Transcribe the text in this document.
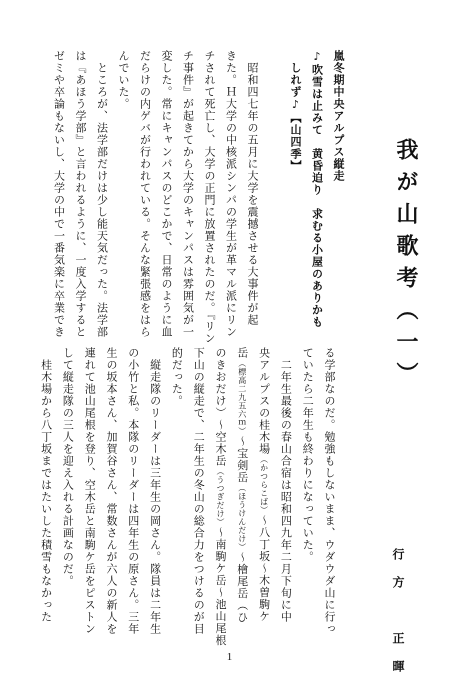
我が山歌考（一）
行方　正暉
る学部なのだ。勉強もしないまま、ウダウダ山に行っ
ていたら二年生も終わりになっていた。
　二年生最後の春山合宿は昭和四九年二月下旬に中
央アルプスの桂木場（かつらこば）～八丁坂～木曽駒ケ
岳（標高二九五六ｍ）～宝剣岳（ほうけんだけ）～檜尾岳（ひ
のきおだけ）～空木岳（うつぎだけ）～南駒ケ岳～池山尾根
下山の縦走で、二年生の冬山の総合力をつけるのが目
的だった。
　縦走隊のリーダーは三年生の岡さん。隊員は二年生
の小竹と私。本隊のリーダーは四年生の原さん。三年
生の坂本さん、加賀谷さん、常数さんが六人の新人を
連れて池山尾根を登り、空木岳と南駒ケ岳をピストン
して縦走隊の三人を迎え入れる計画なのだ。
　桂木場から八丁坂まではたいした積雪もなかった
嵐冬期中央アルプス縦走
♪吹雪は止みて　黄昏迫り　求むる小屋のありかも
　しれず♪【山四季】
　昭和四七年の五月に大学を震撼させる大事件が起
きた。Ｈ大学の中核派シンパの学生が革マル派にリン
チされて死亡し、大学の正門に放置されたのだ。『リン
チ事件』が起きてから大学のキャンパスは雰囲気が一
変した。常にキャンパスのどこかで、日常のように血
だらけの内ゲバが行われている。そんな緊張感をはら
んでいた。
　ところが、法学部だけは少し能天気だった。法学部
は『あほう学部』と言われるように、一度入学すると
ゼミや卒論もないし、大学の中で一番気楽に卒業でき
1
